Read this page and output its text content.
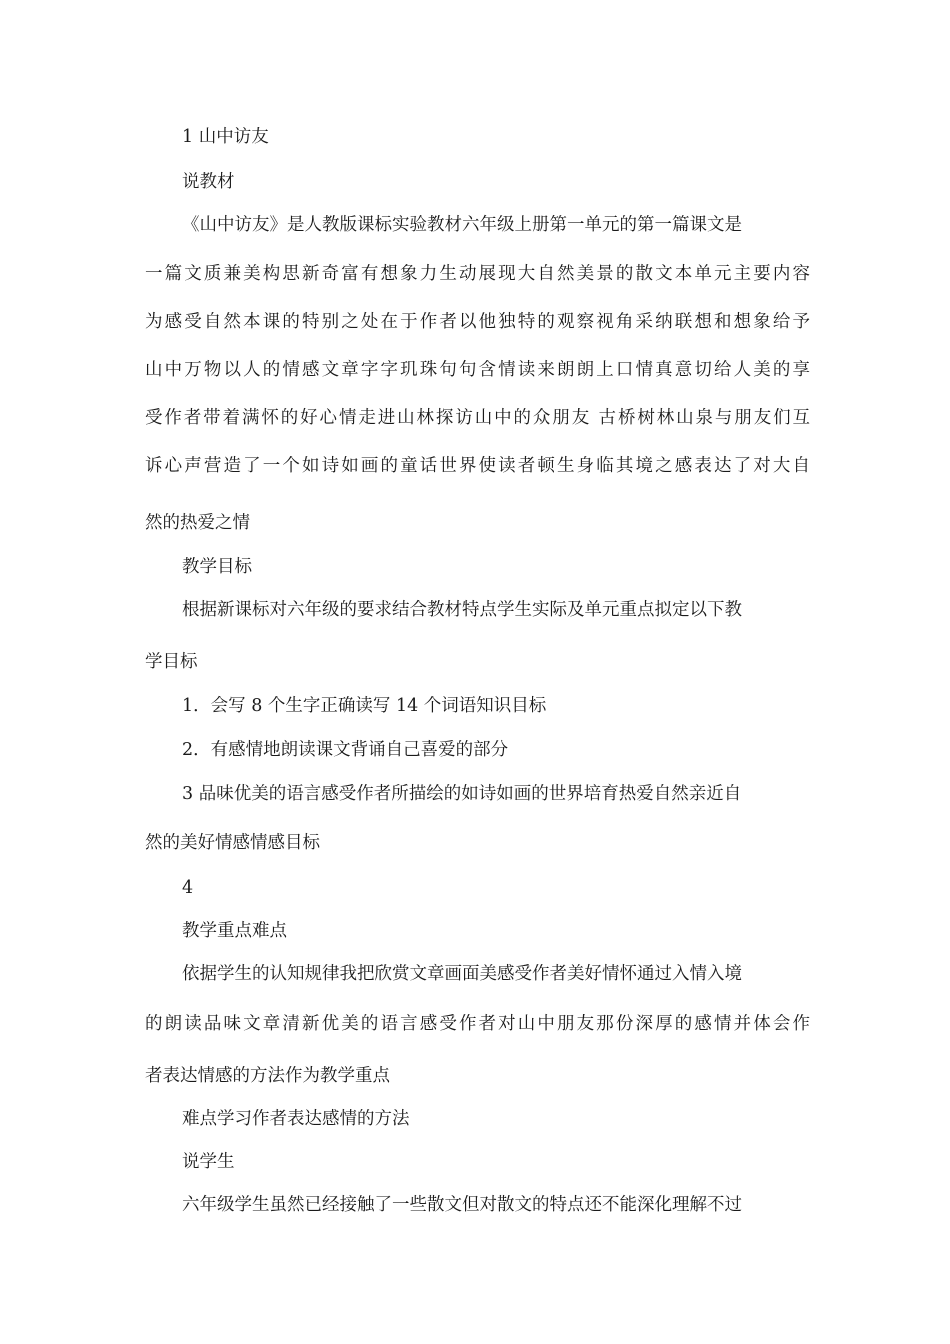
1 山中访友
说教材
《山中访友》是人教版课标实验教材六年级上册第一单元的第一篇课文是
一篇文质兼美构思新奇富有想象力生动展现大自然美景的散文本单元主要内容
为感受自然本课的特别之处在于作者以他独特的观察视角采纳联想和想象给予
山中万物以人的情感文章字字玑珠句句含情读来朗朗上口情真意切给人美的享
受作者带着满怀的好心情走进山林探访山中的众朋友 古桥树林山泉与朋友们互
诉心声营造了一个如诗如画的童话世界使读者顿生身临其境之感表达了对大自
然的热爱之情
教学目标
根据新课标对六年级的要求结合教材特点学生实际及单元重点拟定以下教
学目标
1．会写 8 个生字正确读写 14 个词语知识目标
2．有感情地朗读课文背诵自己喜爱的部分
3 品味优美的语言感受作者所描绘的如诗如画的世界培育热爱自然亲近自
然的美好情感情感目标
4
教学重点难点
依据学生的认知规律我把欣赏文章画面美感受作者美好情怀通过入情入境
的朗读品味文章清新优美的语言感受作者对山中朋友那份深厚的感情并体会作
者表达情感的方法作为教学重点
难点学习作者表达感情的方法
说学生
六年级学生虽然已经接触了一些散文但对散文的特点还不能深化理解不过
